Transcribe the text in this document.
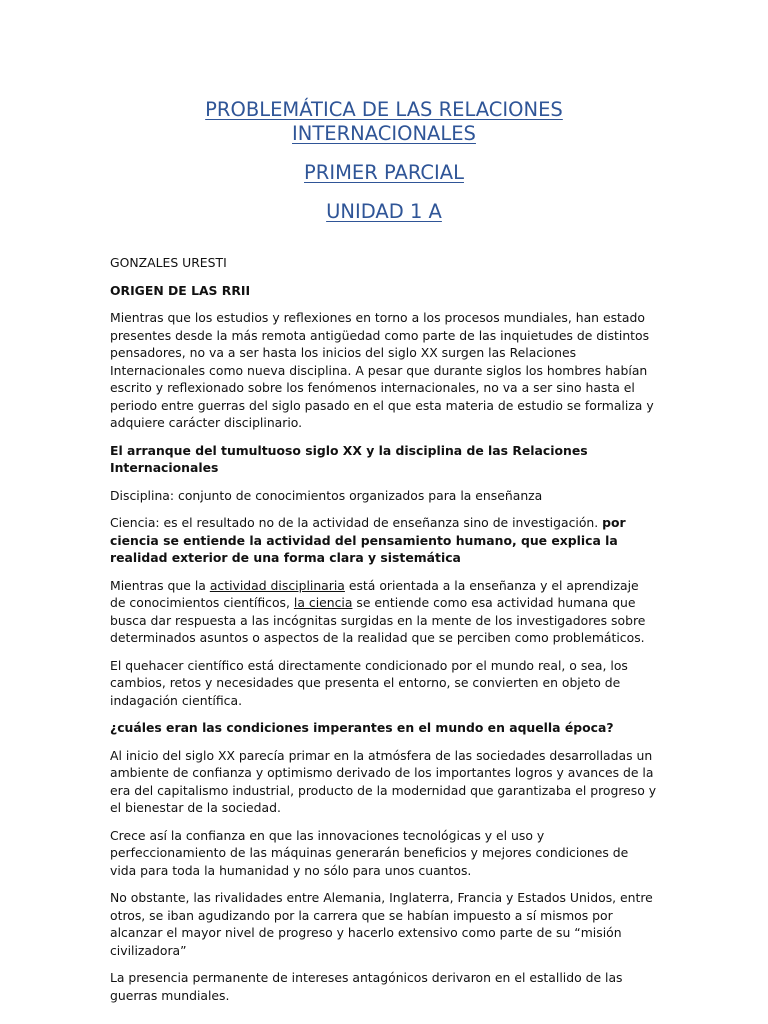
PROBLEMÁTICA DE LAS RELACIONES
INTERNACIONALES
PRIMER PARCIAL
UNIDAD 1 A

GONZALES URESTI

ORIGEN DE LAS RRII

Mientras que los estudios y reflexiones en torno a los procesos mundiales, han estado presentes desde la más remota antigüedad como parte de las inquietudes de distintos pensadores, no va a ser hasta los inicios del siglo XX surgen las Relaciones Internacionales como nueva disciplina. A pesar que durante siglos los hombres habían escrito y reflexionado sobre los fenómenos internacionales, no va a ser sino hasta el periodo entre guerras del siglo pasado en el que esta materia de estudio se formaliza y adquiere carácter disciplinario.

El arranque del tumultuoso siglo XX y la disciplina de las Relaciones Internacionales

Disciplina: conjunto de conocimientos organizados para la enseñanza

Ciencia: es el resultado no de la actividad de enseñanza sino de investigación. por ciencia se entiende la actividad del pensamiento humano, que explica la realidad exterior de una forma clara y sistemática

Mientras que la actividad disciplinaria está orientada a la enseñanza y el aprendizaje de conocimientos científicos, la ciencia se entiende como esa actividad humana que busca dar respuesta a las incógnitas surgidas en la mente de los investigadores sobre determinados asuntos o aspectos de la realidad que se perciben como problemáticos.

El quehacer científico está directamente condicionado por el mundo real, o sea, los cambios, retos y necesidades que presenta el entorno, se convierten en objeto de indagación científica.

¿cuáles eran las condiciones imperantes en el mundo en aquella época?

Al inicio del siglo XX parecía primar en la atmósfera de las sociedades desarrolladas un ambiente de confianza y optimismo derivado de los importantes logros y avances de la era del capitalismo industrial, producto de la modernidad que garantizaba el progreso y el bienestar de la sociedad.

Crece así la confianza en que las innovaciones tecnológicas y el uso y perfeccionamiento de las máquinas generarán beneficios y mejores condiciones de vida para toda la humanidad y no sólo para unos cuantos.

No obstante, las rivalidades entre Alemania, Inglaterra, Francia y Estados Unidos, entre otros, se iban agudizando por la carrera que se habían impuesto a sí mismos por alcanzar el mayor nivel de progreso y hacerlo extensivo como parte de su “misión civilizadora”

La presencia permanente de intereses antagónicos derivaron en el estallido de las guerras mundiales.
